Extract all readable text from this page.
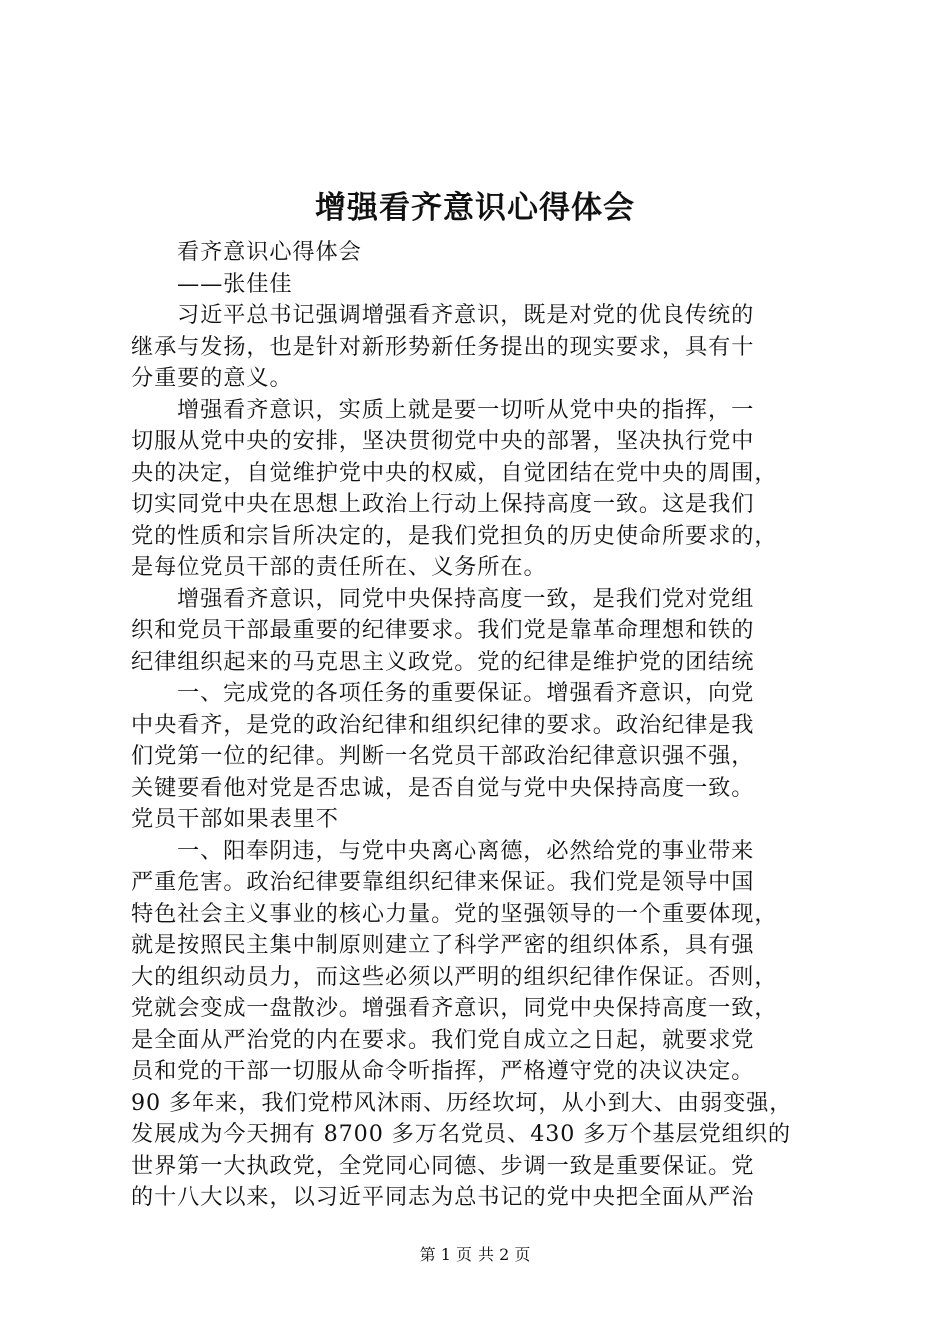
增强看齐意识心得体会
看齐意识心得体会
——张佳佳
习近平总书记强调增强看齐意识，既是对党的优良传统的
继承与发扬，也是针对新形势新任务提出的现实要求，具有十
分重要的意义。
增强看齐意识，实质上就是要一切听从党中央的指挥，一
切服从党中央的安排，坚决贯彻党中央的部署，坚决执行党中
央的决定，自觉维护党中央的权威，自觉团结在党中央的周围，
切实同党中央在思想上政治上行动上保持高度一致。这是我们
党的性质和宗旨所决定的，是我们党担负的历史使命所要求的，
是每位党员干部的责任所在、义务所在。
增强看齐意识，同党中央保持高度一致，是我们党对党组
织和党员干部最重要的纪律要求。我们党是靠革命理想和铁的
纪律组织起来的马克思主义政党。党的纪律是维护党的团结统
一、完成党的各项任务的重要保证。增强看齐意识，向党
中央看齐，是党的政治纪律和组织纪律的要求。政治纪律是我
们党第一位的纪律。判断一名党员干部政治纪律意识强不强，
关键要看他对党是否忠诚，是否自觉与党中央保持高度一致。
党员干部如果表里不
一、阳奉阴违，与党中央离心离德，必然给党的事业带来
严重危害。政治纪律要靠组织纪律来保证。我们党是领导中国
特色社会主义事业的核心力量。党的坚强领导的一个重要体现，
就是按照民主集中制原则建立了科学严密的组织体系，具有强
大的组织动员力，而这些必须以严明的组织纪律作保证。否则，
党就会变成一盘散沙。增强看齐意识，同党中央保持高度一致，
是全面从严治党的内在要求。我们党自成立之日起，就要求党
员和党的干部一切服从命令听指挥，严格遵守党的决议决定。
90 多年来，我们党栉风沐雨、历经坎坷，从小到大、由弱变强，
发展成为今天拥有 8700 多万名党员、430 多万个基层党组织的
世界第一大执政党，全党同心同德、步调一致是重要保证。党
的十八大以来，以习近平同志为总书记的党中央把全面从严治
第 1 页 共 2 页
